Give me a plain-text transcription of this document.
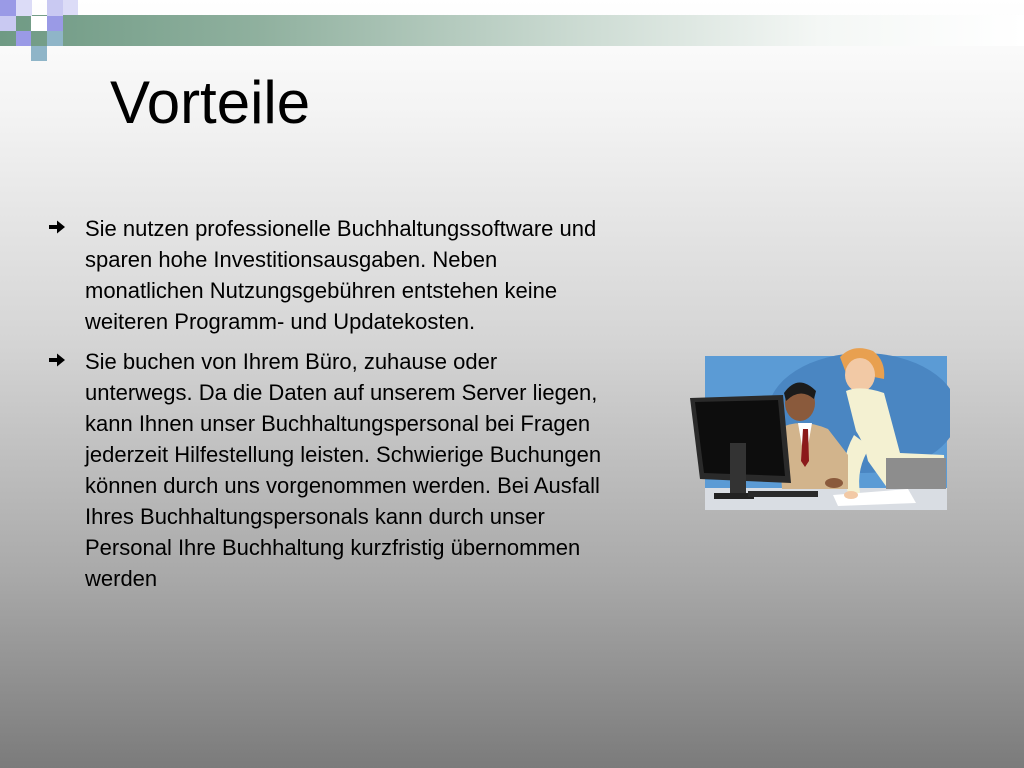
Vorteile
Sie nutzen professionelle Buchhaltungssoftware und sparen hohe Investitionsausgaben. Neben monatlichen Nutzungsgebühren entstehen keine weiteren Programm- und Updatekosten.
Sie buchen von Ihrem Büro, zuhause oder unterwegs. Da die Daten auf unserem Server liegen, kann Ihnen unser Buchhaltungspersonal bei Fragen jederzeit Hilfestellung leisten. Schwierige Buchungen können durch uns vorgenommen werden. Bei Ausfall Ihres Buchhaltungspersonals kann durch unser Personal Ihre Buchhaltung kurzfristig übernommen werden
